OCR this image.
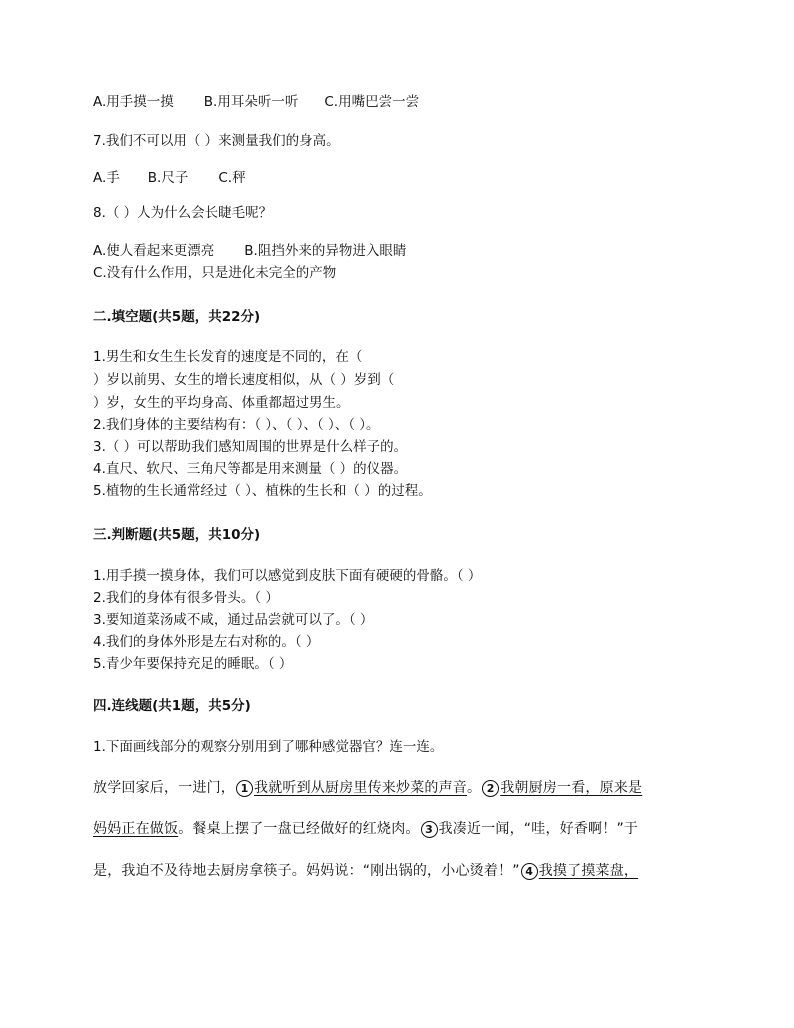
A.用手摸一摸 B.用耳朵听一听 C.用嘴巴尝一尝
7.我们不可以用（ ）来测量我们的身高。
A.手 B.尺子 C.秤
8.（ ）人为什么会长睫毛呢？
A.使人看起来更漂亮 B.阻挡外来的异物进入眼睛
C.没有什么作用，只是进化未完全的产物
二.填空题(共5题，共22分)
1.男生和女生生长发育的速度是不同的，在（
）岁以前男、女生的增长速度相似，从（ ）岁到（
）岁，女生的平均身高、体重都超过男生。
2.我们身体的主要结构有：（ ）、（ ）、（ ）、（ ）。
3.（ ）可以帮助我们感知周围的世界是什么样子的。
4.直尺、软尺、三角尺等都是用来测量（ ）的仪器。
5.植物的生长通常经过（ ）、植株的生长和（ ）的过程。
三.判断题(共5题，共10分)
1.用手摸一摸身体，我们可以感觉到皮肤下面有硬硬的骨骼。（ ）
2.我们的身体有很多骨头。（ ）
3.要知道菜汤咸不咸，通过品尝就可以了。（ ）
4.我们的身体外形是左右对称的。（ ）
5.青少年要保持充足的睡眠。（ ）
四.连线题(共1题，共5分)
1.下面画线部分的观察分别用到了哪种感觉器官？连一连。
放学回家后，一进门， 1 我就听到从厨房里传来炒菜的声音。 2 我朝厨房一看，原来是
妈妈正在做饭。餐桌上摆了一盘已经做好的红烧肉。 3 我凑近一闻，“哇，好香啊！”于
是，我迫不及待地去厨房拿筷子。妈妈说：“刚出锅的，小心烫着！” 4 我摸了摸菜盘，
